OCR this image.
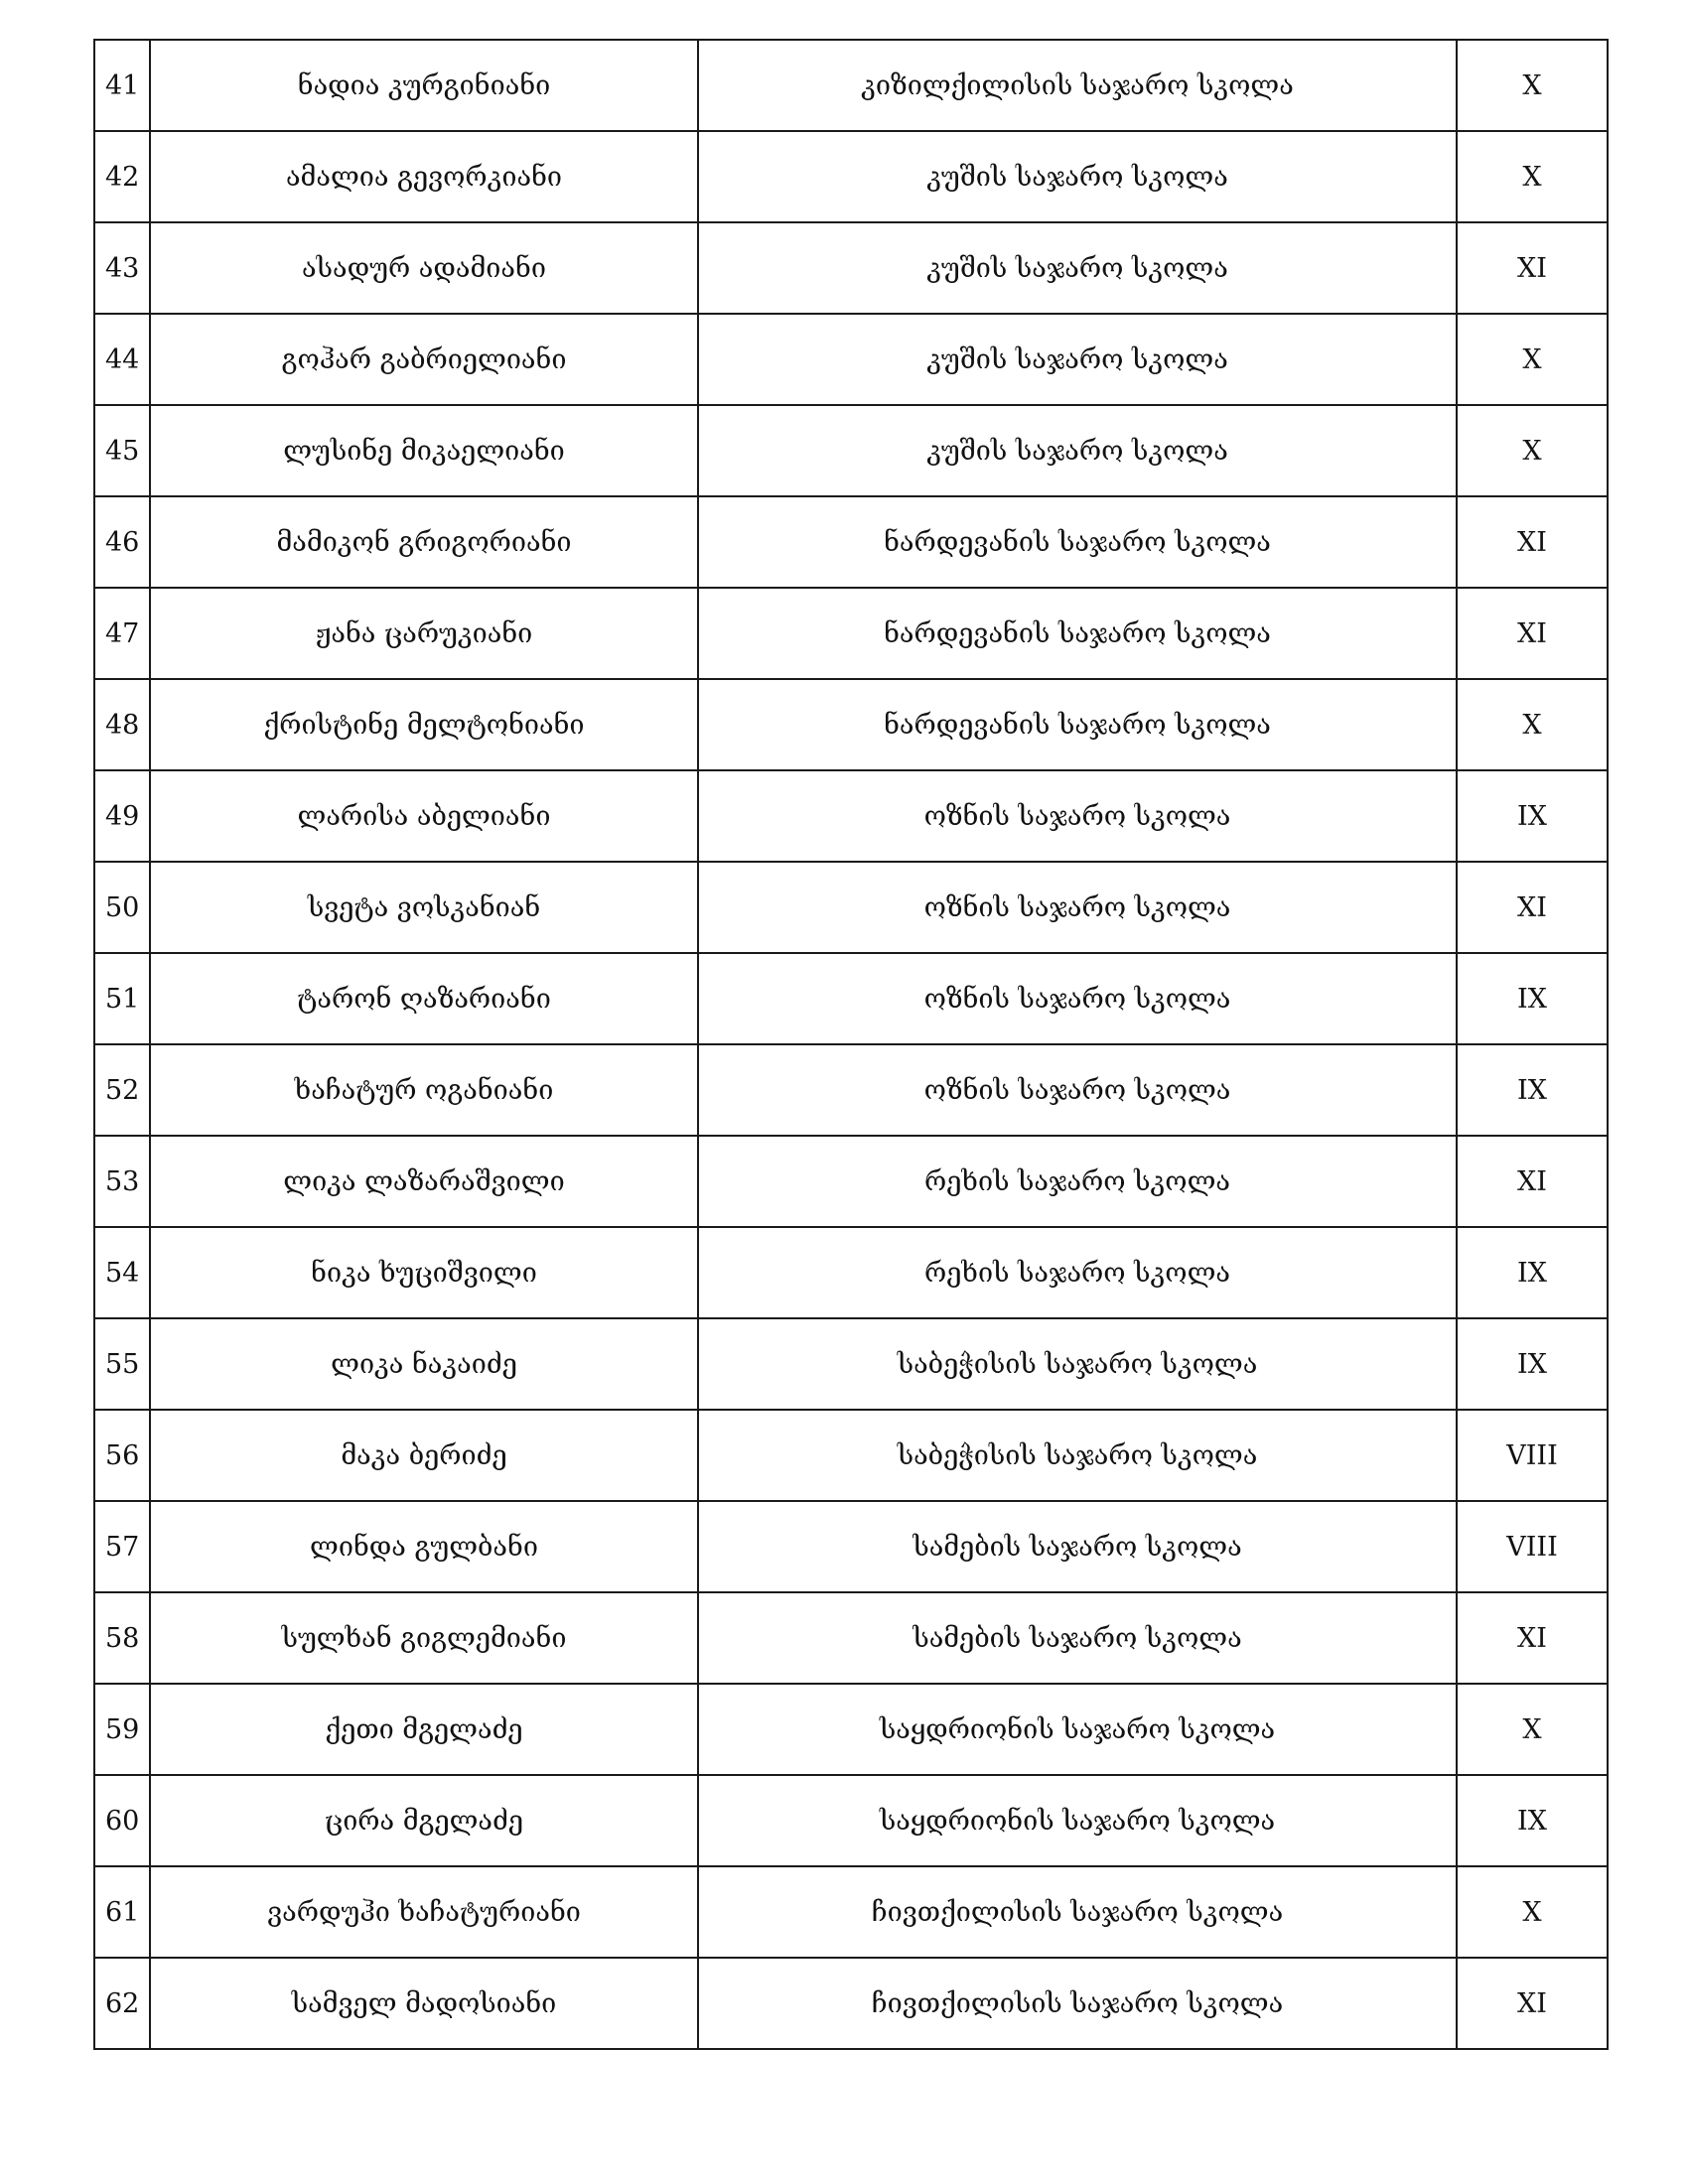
41	ნადია კურგინიანი	კიზილქილისის საჯარო სკოლა	X
42	ამალია გევორკიანი	კუშის საჯარო სკოლა	X
43	ასადურ ადამიანი	კუშის საჯარო სკოლა	XI
44	გოჰარ გაბრიელიანი	კუშის საჯარო სკოლა	X
45	ლუსინე მიკაელიანი	კუშის საჯარო სკოლა	X
46	მამიკონ გრიგორიანი	ნარდევანის საჯარო სკოლა	XI
47	ჟანა ცარუკიანი	ნარდევანის საჯარო სკოლა	XI
48	ქრისტინე მელტონიანი	ნარდევანის საჯარო სკოლა	X
49	ლარისა აბელიანი	ოზნის საჯარო სკოლა	IX
50	სვეტა ვოსკანიან	ოზნის საჯარო სკოლა	XI
51	ტარონ ღაზარიანი	ოზნის საჯარო სკოლა	IX
52	ხაჩატურ ოგანიანი	ოზნის საჯარო სკოლა	IX
53	ლიკა ლაზარაშვილი	რეხის საჯარო სკოლა	XI
54	ნიკა ხუციშვილი	რეხის საჯარო სკოლა	IX
55	ლიკა ნაკაიძე	საბეჭისის საჯარო სკოლა	IX
56	მაკა ბერიძე	საბეჭისის საჯარო სკოლა	VIII
57	ლინდა გულბანი	სამების საჯარო სკოლა	VIII
58	სულხან გიგლემიანი	სამების საჯარო სკოლა	XI
59	ქეთი მგელაძე	საყდრიონის საჯარო სკოლა	X
60	ცირა მგელაძე	საყდრიონის საჯარო სკოლა	IX
61	ვარდუჰი ხაჩატურიანი	ჩივთქილისის საჯარო სკოლა	X
62	სამველ მადოსიანი	ჩივთქილისის საჯარო სკოლა	XI
